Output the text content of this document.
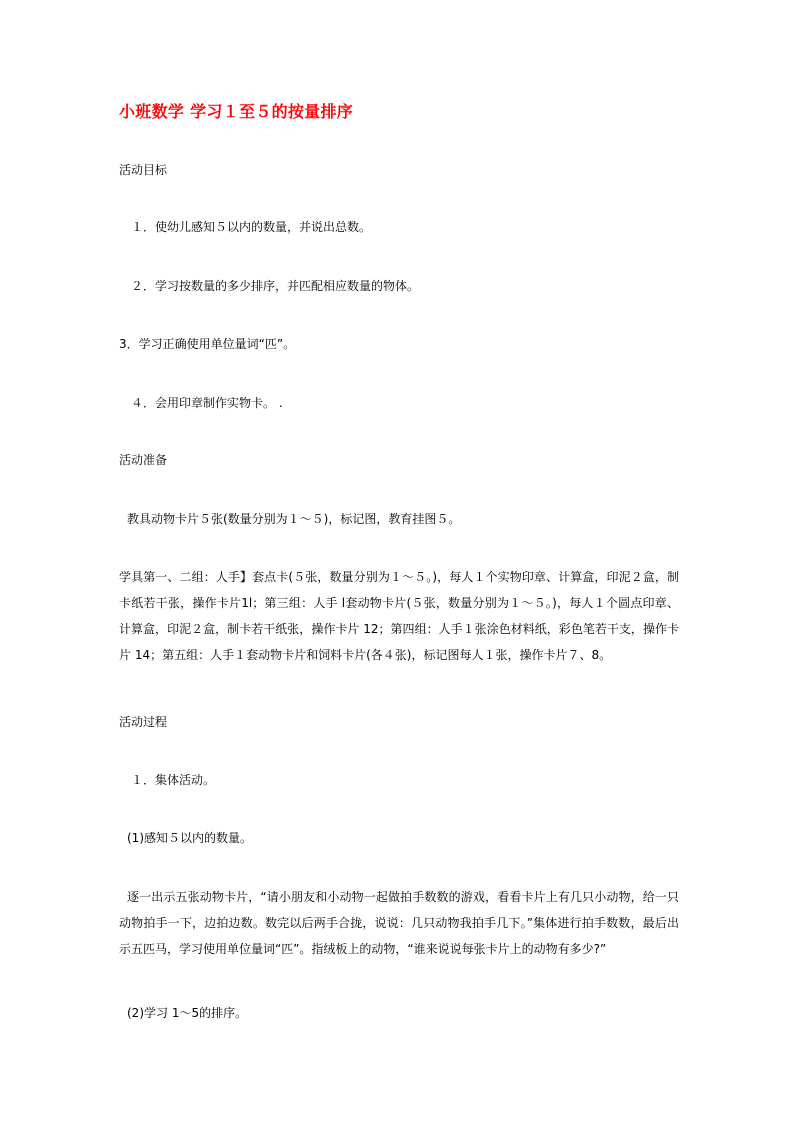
小班数学 学习１至５的按量排序
活动目标
１．使幼儿感知５以内的数量，并说出总数。
２．学习按数量的多少排序，并匹配相应数量的物体。
3．学习正确使用单位量词“匹”。
４．会用印章制作实物卡。 .
活动准备
教具动物卡片５张(数量分别为１～５)，标记图，教育挂图５。
学具第一、二组：人手】套点卡(５张，数量分别为１～５。)，每人１个实物印章、计算盒，印泥２盒，制卡纸若干张，操作卡片1l；第三组：人手 l套动物卡片(５张，数量分别为１～５。)，每人１个圆点印章、计算盒，印泥２盒，制卡若干纸张，操作卡片 12；第四组：人手１张涂色材料纸，彩色笔若干支，操作卡片 14；第五组：人手１套动物卡片和饲料卡片(各４张)，标记图每人１张，操作卡片７、8。
活动过程
１．集体活动。
(1)感知５以内的数量。
逐一出示五张动物卡片，“请小朋友和小动物一起做拍手数数的游戏，看看卡片上有几只小动物，给一只动物拍手一下，边拍边数。数完以后两手合拢，说说：几只动物我拍手几下。”集体进行拍手数数，最后出示五匹马，学习使用单位量词“匹”。指绒板上的动物，“谁来说说每张卡片上的动物有多少?”
(2)学习 1～5的排序。
